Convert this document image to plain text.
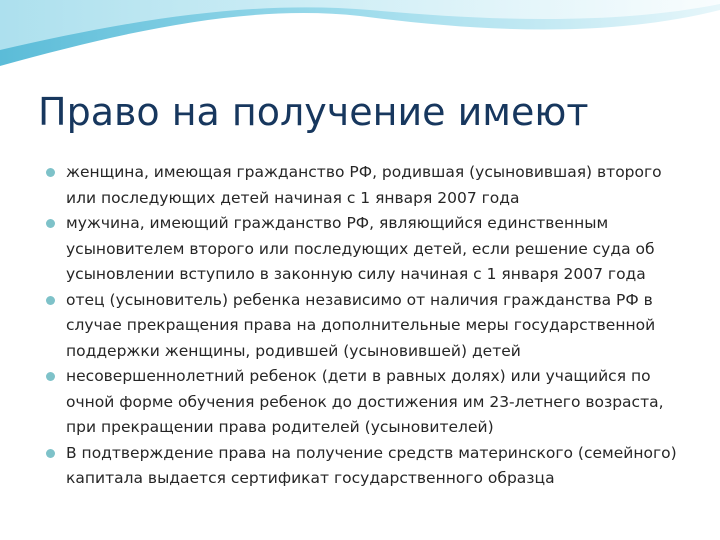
Право на получение имеют
женщина, имеющая гражданство РФ, родившая (усыновившая) второго или последующих детей начиная с 1 января 2007 года
мужчина, имеющий гражданство РФ, являющийся единственным усыновителем второго или последующих детей, если решение суда об усыновлении вступило в законную силу начиная с 1 января 2007 года
отец (усыновитель) ребенка независимо от наличия гражданства РФ в случае прекращения права на дополнительные меры государственной поддержки женщины, родившей (усыновившей) детей
несовершеннолетний ребенок (дети в равных долях) или учащийся по очной форме обучения ребенок до достижения им 23-летнего возраста, при прекращении права родителей (усыновителей)
В подтверждение права на получение средств материнского (семейного) капитала выдается сертификат государственного образца
